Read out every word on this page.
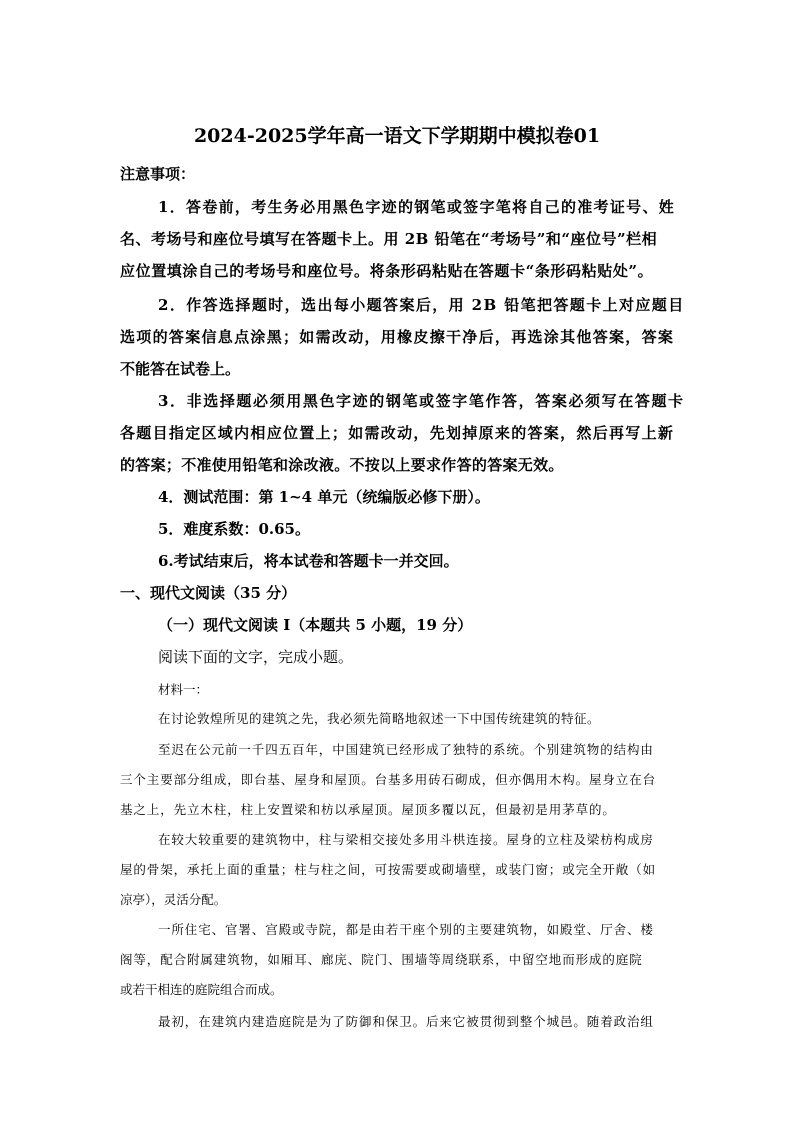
2024-2025学年高一语文下学期期中模拟卷01

注意事项：

1．答卷前，考生务必用黑色字迹的钢笔或签字笔将自己的准考证号、姓

名、考场号和座位号填写在答题卡上。用 2B 铅笔在“考场号”和“座位号”栏相

应位置填涂自己的考场号和座位号。将条形码粘贴在答题卡“条形码粘贴处”。

2．作答选择题时，选出每小题答案后，用 2B 铅笔把答题卡上对应题目

选项的答案信息点涂黑；如需改动，用橡皮擦干净后，再选涂其他答案，答案

不能答在试卷上。

3．非选择题必须用黑色字迹的钢笔或签字笔作答，答案必须写在答题卡

各题目指定区域内相应位置上；如需改动，先划掉原来的答案，然后再写上新

的答案；不准使用铅笔和涂改液。不按以上要求作答的答案无效。

4．测试范围：第 1~4 单元（统编版必修下册）。

5．难度系数：0.65。

6.考试结束后，将本试卷和答题卡一并交回。

一、现代文阅读（35 分）

（一）现代文阅读 I（本题共 5 小题，19 分）

阅读下面的文字，完成小题。

材料一：

在讨论敦煌所见的建筑之先，我必须先简略地叙述一下中国传统建筑的特征。

至迟在公元前一千四五百年，中国建筑已经形成了独特的系统。个别建筑物的结构由

三个主要部分组成，即台基、屋身和屋顶。台基多用砖石砌成，但亦偶用木构。屋身立在台

基之上，先立木柱，柱上安置梁和枋以承屋顶。屋顶多覆以瓦，但最初是用茅草的。

在较大较重要的建筑物中，柱与梁相交接处多用斗栱连接。屋身的立柱及梁枋构成房

屋的骨架，承托上面的重量；柱与柱之间，可按需要或砌墙壁，或装门窗；或完全开敞（如

凉亭），灵活分配。

一所住宅、官署、宫殿或寺院，都是由若干座个别的主要建筑物，如殿堂、厅舍、楼

阁等，配合附属建筑物，如厢耳、廊庑、院门、围墙等周绕联系，中留空地而形成的庭院

或若干相连的庭院组合而成。

最初，在建筑内建造庭院是为了防御和保卫。后来它被贯彻到整个城邑。随着政治组
